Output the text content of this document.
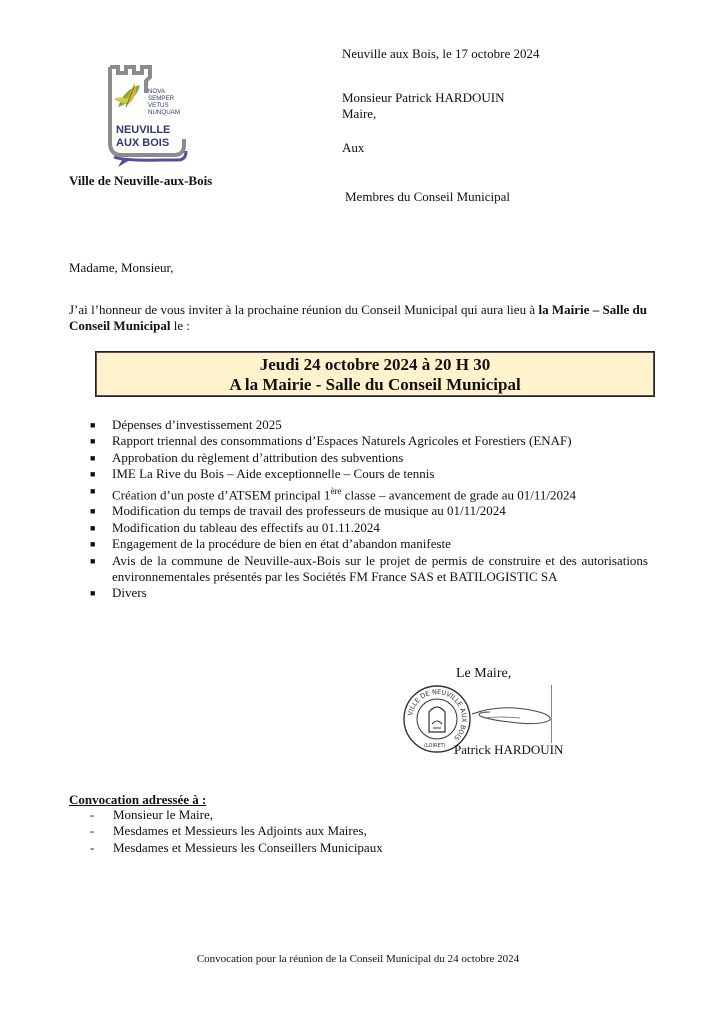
Neuville aux Bois, le 17 octobre 2024
Monsieur Patrick HARDOUIN
Maire,
Aux
Membres du Conseil Municipal
NOVA
SEMPER
VETUS
NUNQUAM
NEUVILLE
AUX BOIS
Ville de Neuville-aux-Bois
Madame, Monsieur,
J’ai l’honneur de vous inviter à la prochaine réunion du Conseil Municipal qui aura lieu à la Mairie – Salle du Conseil Municipal le :
Jeudi 24 octobre 2024 à 20 H 30
A la Mairie - Salle du Conseil Municipal
■ Dépenses d’investissement 2025
■ Rapport triennal des consommations d’Espaces Naturels Agricoles et Forestiers (ENAF)
■ Approbation du règlement d’attribution des subventions
■ IME La Rive du Bois – Aide exceptionnelle – Cours de tennis
■ Création d’un poste d’ATSEM principal 1ère classe – avancement de grade au 01/11/2024
■ Modification du temps de travail des professeurs de musique au 01/11/2024
■ Modification du tableau des effectifs au 01.11.2024
■ Engagement de la procédure de bien en état d’abandon manifeste
■ Avis de la commune de Neuville-aux-Bois sur le projet de permis de construire et des autorisations environnementales présentés par les Sociétés FM France SAS et BATILOGISTIC SA
■ Divers
Le Maire,
VILLE DE NEUVILLE AUX BOIS
(LOIRET) Patrick HARDOUIN
Convocation adressée à :
- Monsieur le Maire,
- Mesdames et Messieurs les Adjoints aux Maires,
- Mesdames et Messieurs les Conseillers Municipaux
Convocation pour la réunion de la Conseil Municipal du 24 octobre 2024
